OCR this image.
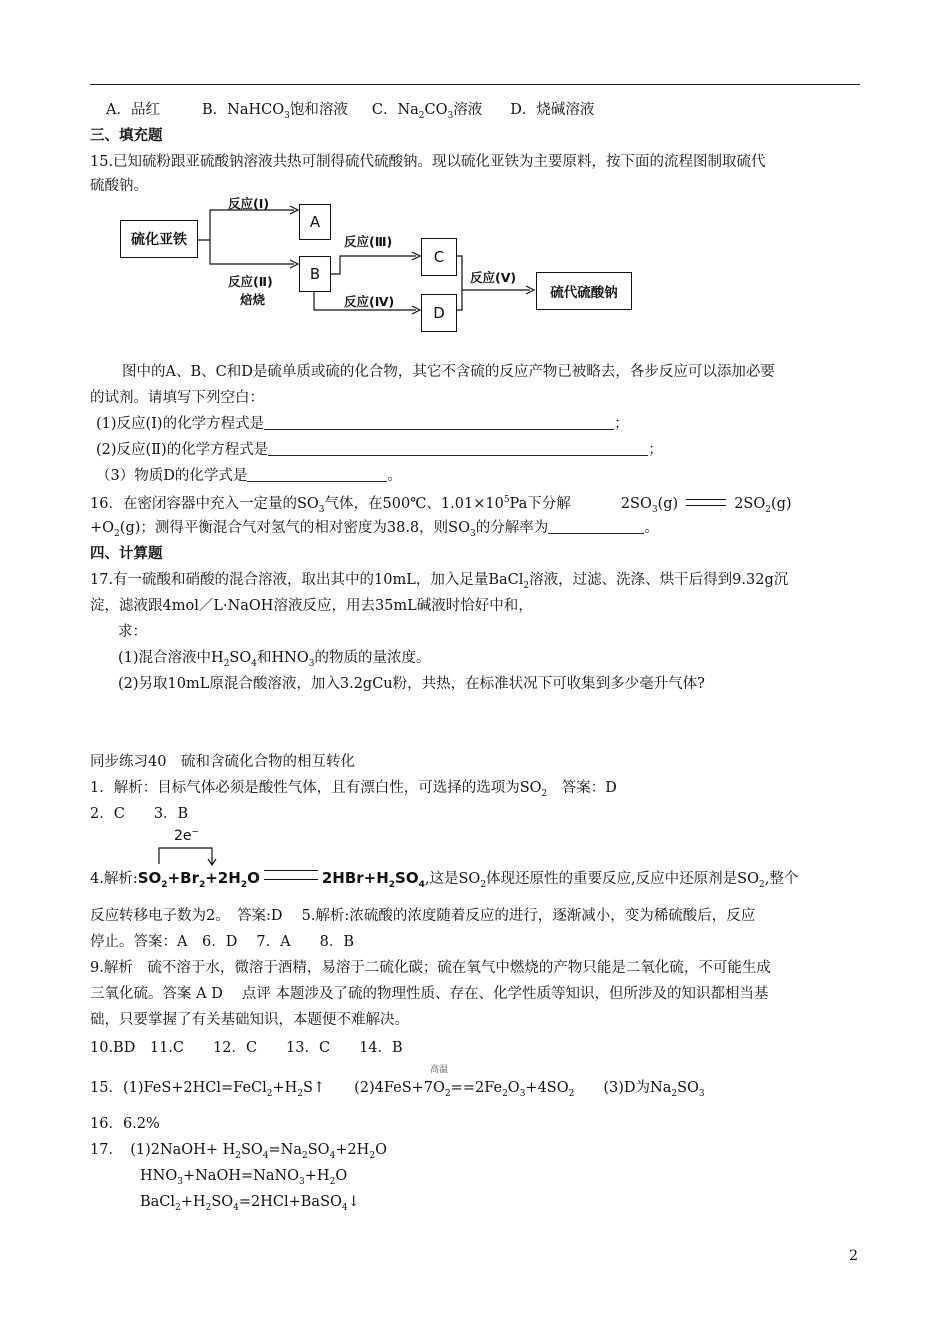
A．品红	B．NaHCO$_3$饱和溶液 C．$Na_2CO_3$溶液 D．烧碱溶液
三、填充题
15.已知硫粉跟亚硫酸钠溶液共热可制得硫代硫酸钠。现以硫化亚铁为主要原料，按下面的流程图制取硫代
硫酸钠。
硫化亚铁
A
B
C
D
硫代硫酸钠
反应(Ⅰ)
反应(Ⅱ)
焙烧
反应(Ⅲ)
反应(Ⅳ)
反应(Ⅴ)
图中的A、B、C和D是硫单质或硫的化合物，其它不含硫的反应产物已被略去，各步反应可以添加必要
的试剂。请填写下列空白：
(1)反应(Ⅰ)的化学方程式是	；
(2)反应(Ⅱ)的化学方程式是	；
（3）物质D的化学式是	。
16．在密闭容器中充入一定量的$SO_3$气体，在500℃、$1.01\times 10^5Pa$下分解	$2SO_3(g)$	$2SO_2(g)$
$+O_2(g)$；测得平衡混合气对氢气的相对密度为38.8，则$SO_3$的分解率为	。
四、计算题
17.有一硫酸和硝酸的混合溶液，取出其中的10mL，加入足量BaCl$_2$溶液，过滤、洗涤、烘干后得到9.32g沉
淀，滤液跟4mol／L·NaOH溶液反应，用去35mL碱液时恰好中和，
求：
(1)混合溶液中$H_2SO_4$和$HNO_3$的物质的量浓度。
(2)另取10mL原混合酸溶液，加入3.2gCu粉，共热，在标准状况下可收集到多少毫升气体?
同步练习40　硫和含硫化合物的相互转化
1．解析：目标气体必须是酸性气体，且有漂白性，可选择的选项为$SO_2$　答案：D
2．C　　3．B
2e−
4.解析$:SO_2+Br_2+2H_2O$	$2HBr+H_2SO_4$,这是$SO_2$体现还原性的重要反应,反应中还原剂是$SO_2$,整个
反应转移电子数为2。　答案:D　 5.解析:浓硫酸的浓度随着反应的进行，逐渐减小，变为稀硫酸后，反应
停止。答案：A　6．D　 7．A　　8．B
9.解析　硫不溶于水，微溶于酒精，易溶于二硫化碳；硫在氧气中燃烧的产物只能是二氧化硫，不可能生成
三氧化硫。答案 A D　 点评 本题涉及了硫的物理性质、存在、化学性质等知识，但所涉及的知识都相当基
础，只要掌握了有关基础知识，本题便不难解决。
10.BD　11.C　　12．C　　13．C　　14．B
高温
15．$(1)FeS+2HCl=FeCl_2+H_2S↑$　　$(2)4FeS+7O_2==2Fe_2O_3+4SO_2$　　(3)D为$Na_2SO_3$
16．6.2%
17．　(1)2NaOH+ $H_2SO_4=Na_2SO_4+2H_2O$
$HNO_3+NaOH=NaNO_3+H_2O$
$BaCl_2+H_2SO_4=2HCl+BaSO_4↓$
2
